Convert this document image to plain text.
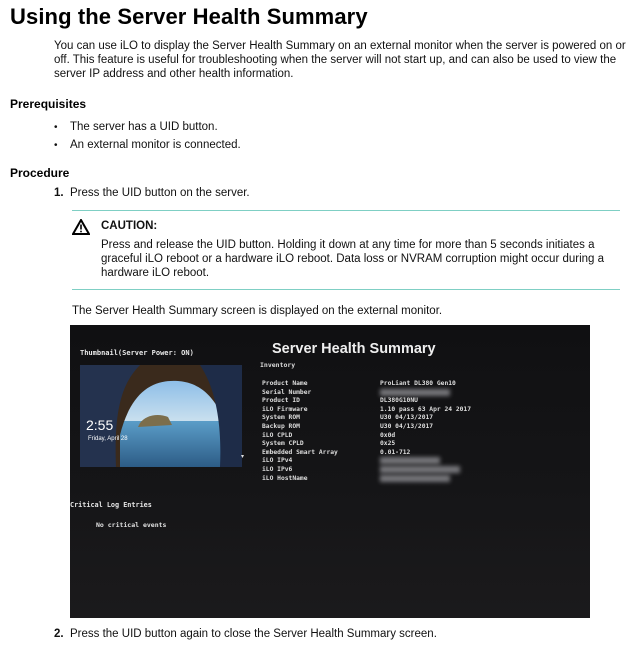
Using the Server Health Summary
You can use iLO to display the Server Health Summary on an external monitor when the server is powered on or off. This feature is useful for troubleshooting when the server will not start up, and can also be used to view the server IP address and other health information.
Prerequisites
•	The server has a UID button.
•	An external monitor is connected.
Procedure
1. Press the UID button on the server.
CAUTION:
Press and release the UID button. Holding it down at any time for more than 5 seconds initiates a graceful iLO reboot or a hardware iLO reboot. Data loss or NVRAM corruption might occur during a hardware iLO reboot.
The Server Health Summary screen is displayed on the external monitor.
Thumbnail(Server Power: ON)
2:55
Friday, April 28
▾
Server Health Summary
Inventory
Product Name	ProLiant DL380 Gen10
Serial Number
Product ID	DL380G10NU
iLO Firmware	1.10 pass 63 Apr 24 2017
System ROM	U30 04/13/2017
Backup ROM	U30 04/13/2017
iLO CPLD	0x0d
System CPLD	0x25
Embedded Smart Array	0.01-712
iLO IPv4
iLO IPv6
iLO HostName
Critical Log Entries
No critical events
2. Press the UID button again to close the Server Health Summary screen.
